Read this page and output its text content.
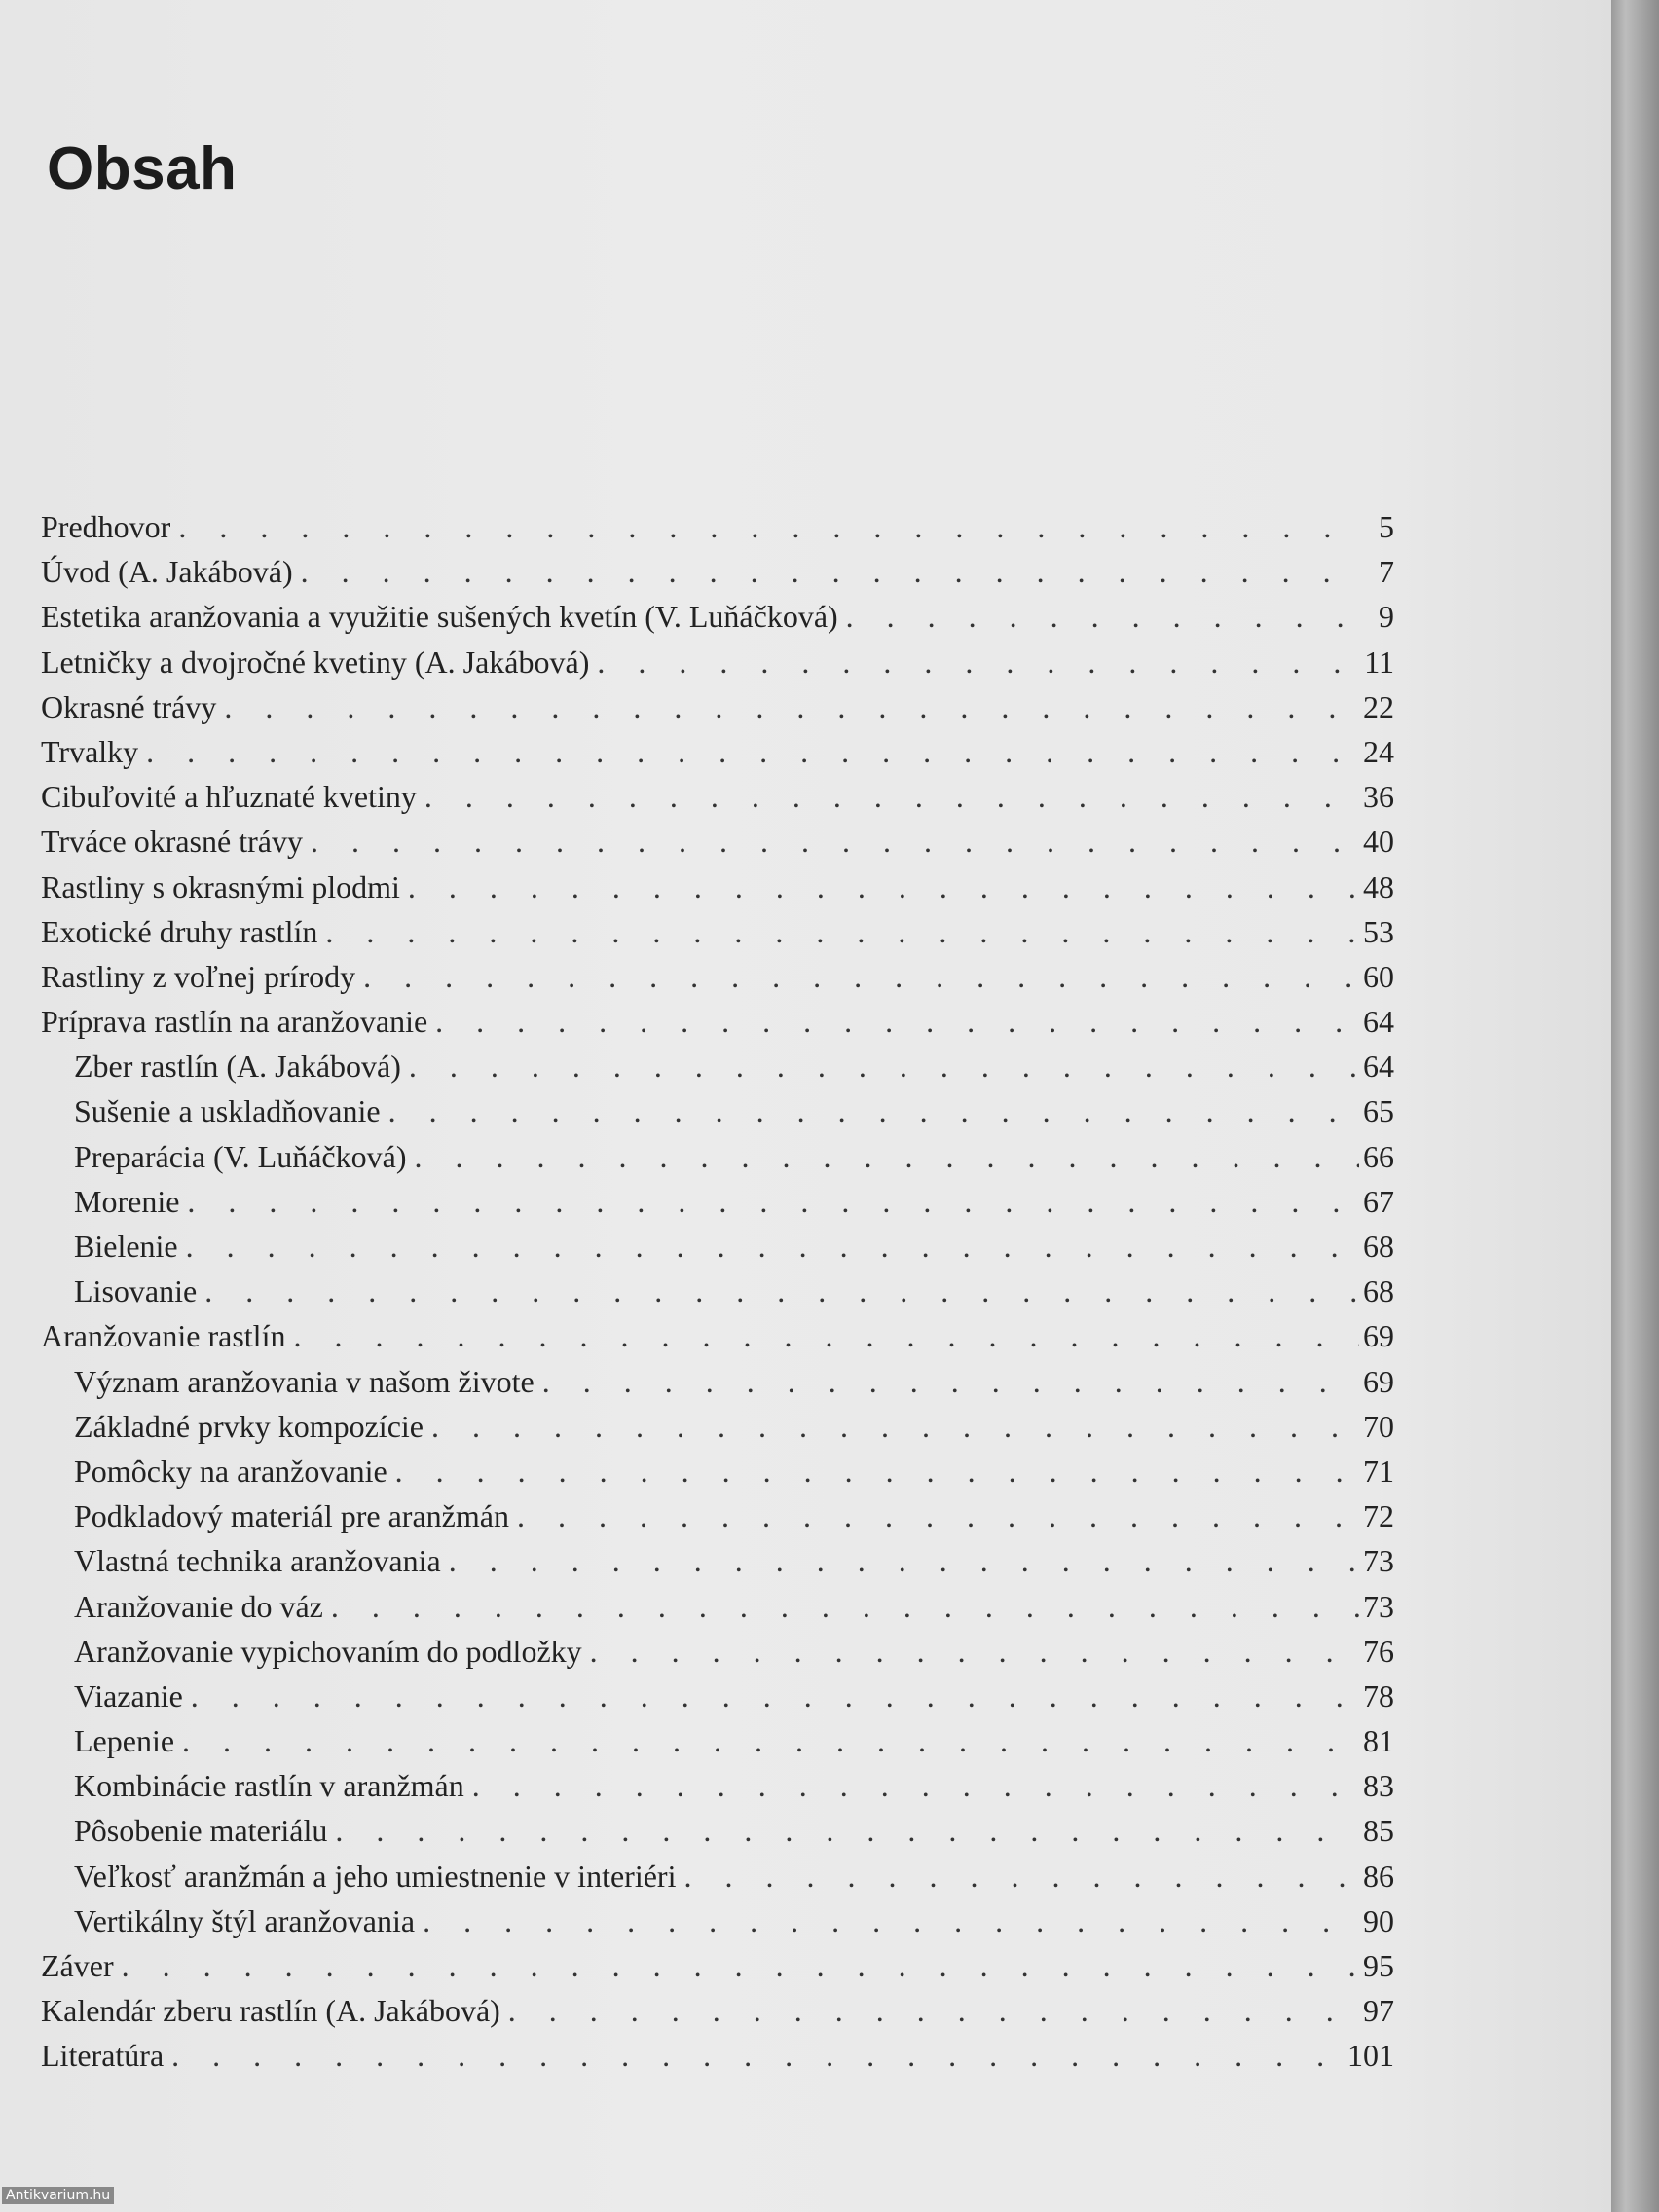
Obsah
Predhovor . . .	5
Úvod (A. Jakábová) . . .	7
Estetika aranžovania a využitie sušených kvetín (V. Luňáčková) . . .	9
Letničky a dvojročné kvetiny (A. Jakábová) . . .	11
Okrasné trávy . . .	22
Trvalky . . .	24
Cibuľovité a hľuznaté kvetiny . . .	36
Trváce okrasné trávy . . .	40
Rastliny s okrasnými plodmi . . .	48
Exotické druhy rastlín . . .	53
Rastliny z voľnej prírody . . .	60
Príprava rastlín na aranžovanie . . .	64
Zber rastlín (A. Jakábová) . . .	64
Sušenie a uskladňovanie . . .	65
Preparácia (V. Luňáčková) . . .	66
Morenie . . .	67
Bielenie . . .	68
Lisovanie . . .	68
Aranžovanie rastlín . . .	69
Význam aranžovania v našom živote . . .	69
Základné prvky kompozície . . .	70
Pomôcky na aranžovanie . . .	71
Podkladový materiál pre aranžmán . . .	72
Vlastná technika aranžovania . . .	73
Aranžovanie do váz . . .	73
Aranžovanie vypichovaním do podložky . . .	76
Viazanie . . .	78
Lepenie . . .	81
Kombinácie rastlín v aranžmán . . .	83
Pôsobenie materiálu . . .	85
Veľkosť aranžmán a jeho umiestnenie v interiéri . . .	86
Vertikálny štýl aranžovania . . .	90
Záver . . .	95
Kalendár zberu rastlín (A. Jakábová) . . .	97
Literatúra . . .	101
Antikvarium.hu
